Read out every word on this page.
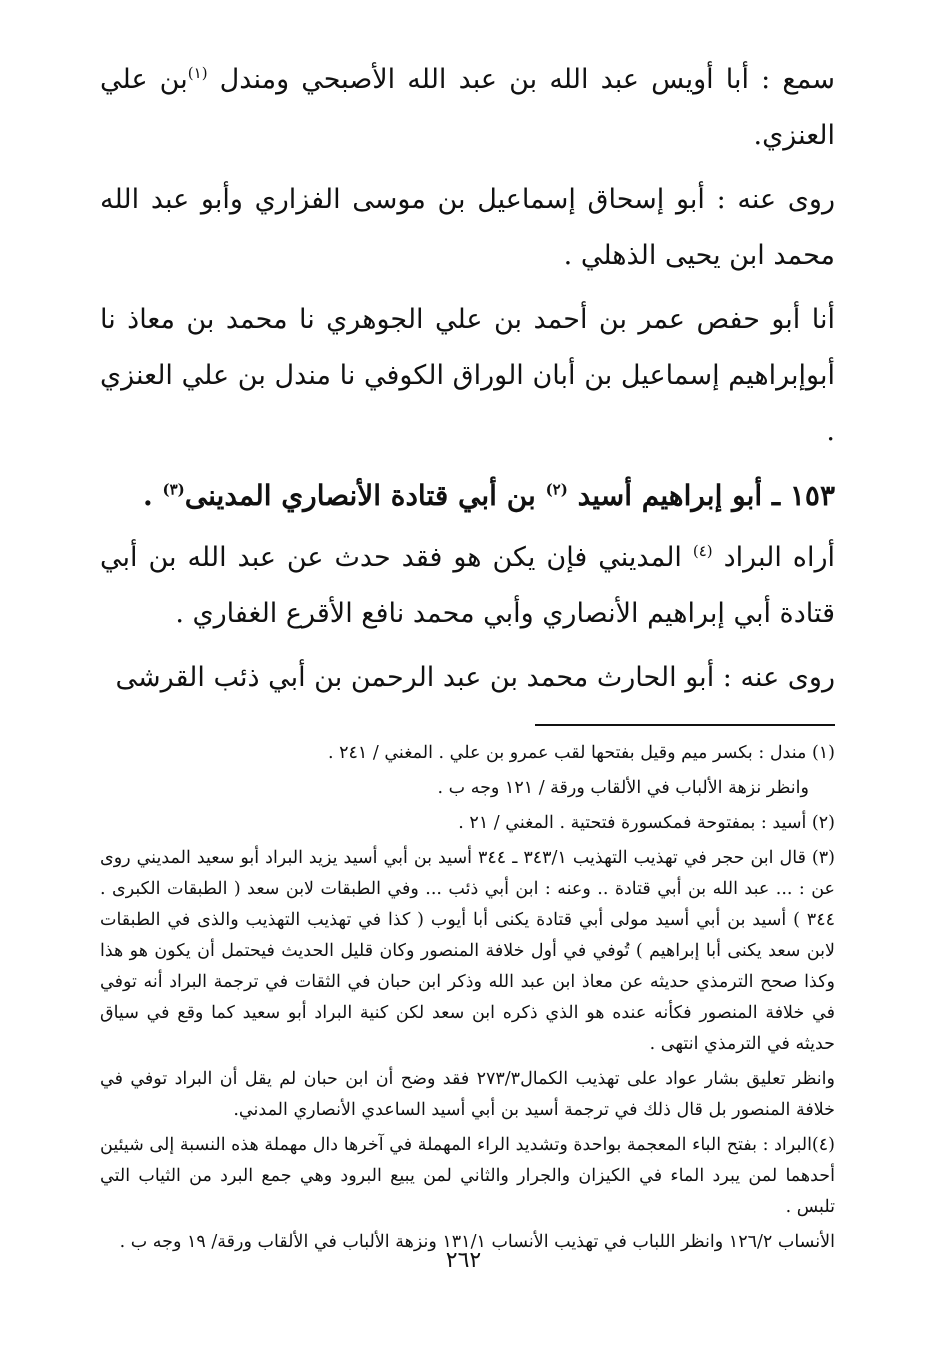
سمع : أبا أويس عبد الله بن عبد الله الأصبحي ومندل $^{(١)}$بن علي العنزي.

روى عنه : أبو إسحاق إسماعيل بن موسى الفزاري وأبو عبد الله محمد ابن يحيى الذهلي .

أنا أبو حفص عمر بن أحمد بن علي الجوهري نا محمد بن معاذ نا أبوإبراهيم إسماعيل بن أبان الوراق الكوفي نا مندل بن علي العنزي .

١٥٣ ـ أبو إبراهيم أسيد $^{(٢)}$ بن أبي قتادة الأنصاري المدينى$^{(٣)}$ .

أراه البراد $^{(٤)}$ المديني فإن يكن هو فقد حدث عن عبد الله بن أبي قتادة أبي إبراهيم الأنصاري وأبي محمد نافع الأقرع الغفاري .

روى عنه : أبو الحارث محمد بن عبد الرحمن بن أبي ذئب القرشى

(١) مندل : بكسر ميم وقيل بفتحها لقب عمرو بن علي . المغني / ٢٤١ .

وانظر نزهة الألباب في الألقاب ورقة / ١٢١ وجه ب .

(٢) أسيد : بمفتوحة فمكسورة فتحتية . المغني / ٢١ .

(٣) قال ابن حجر في تهذيب التهذيب ٣٤٣/١ ـ ٣٤٤ أسيد بن أبي أسيد يزيد البراد أبو سعيد المديني روى عن : ... عبد الله بن أبي قتادة .. وعنه : ابن أبي ذئب ... وفي الطبقات لابن سعد ( الطبقات الكبرى . ٣٤٤ ) أسيد بن أبي أسيد مولى أبي قتادة يكنى أبا أيوب ( كذا في تهذيب التهذيب والذى في الطبقات لابن سعد يكنى أبا إبراهيم ) تُوفي في أول خلافة المنصور وكان قليل الحديث فيحتمل أن يكون هو هذا وكذا صحح الترمذي حديثه عن معاذ ابن عبد الله وذكر ابن حبان في الثقات في ترجمة البراد أنه توفي في خلافة المنصور فكأنه عنده هو الذي ذكره ابن سعد لكن كنية البراد أبو سعيد كما وقع في سياق حديثه في الترمذي انتهى .

وانظر تعليق بشار عواد على تهذيب الكمال٢٧٣/٣ فقد وضح أن ابن حبان لم يقل أن البراد توفي في خلافة المنصور بل قال ذلك في ترجمة أسيد بن أبي أسيد الساعدي الأنصاري المدني.

(٤)البراد : بفتح الباء المعجمة بواحدة وتشديد الراء المهملة في آخرها دال مهملة هذه النسبة إلى شيئين أحدهما لمن يبرد الماء في الكيزان والجرار والثاني لمن يبيع البرود وهي جمع البرد من الثياب التي تلبس .

الأنساب ١٢٦/٢ وانظر اللباب في تهذيب الأنساب ١٣١/١ ونزهة الألباب في الألقاب ورقة/ ١٩ وجه ب .

٢٦٢
